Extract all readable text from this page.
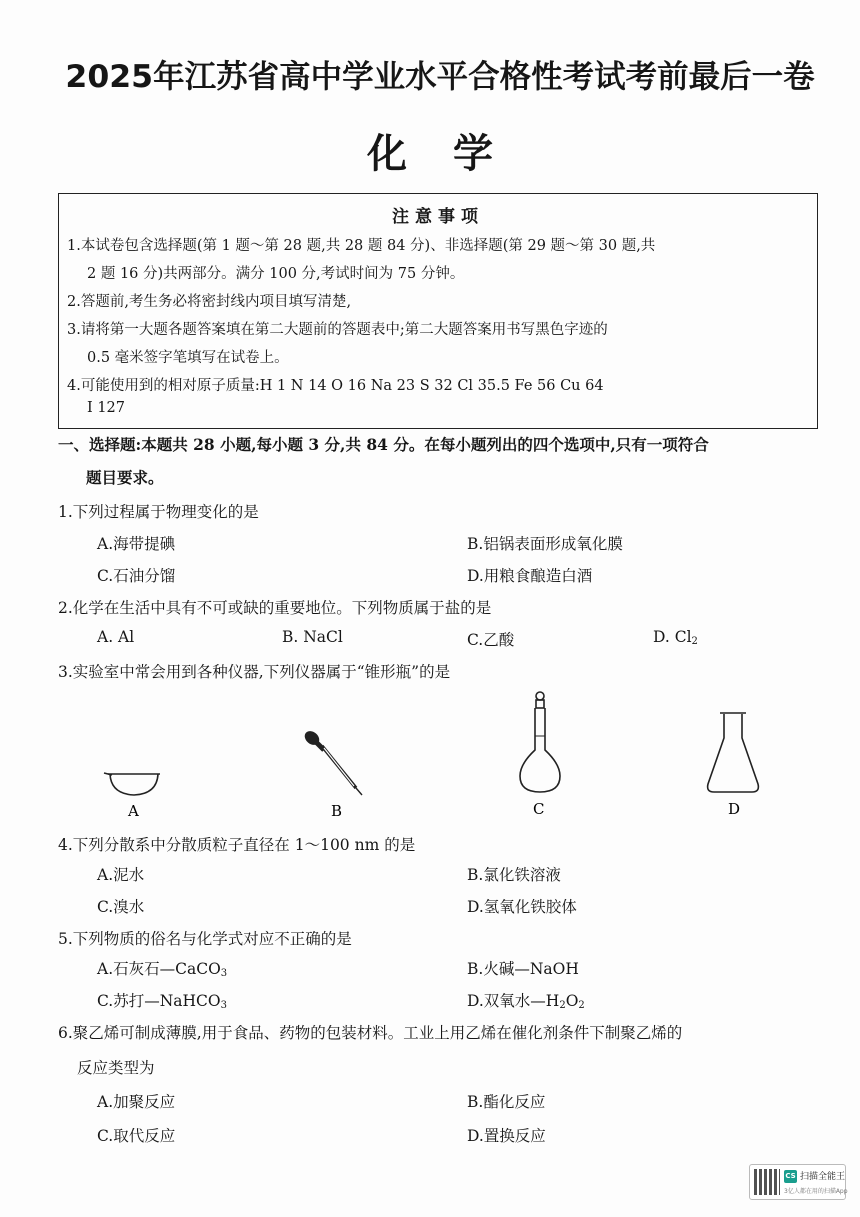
2025年江苏省高中学业水平合格性考试考前最后一卷
化 学
注意事项
1.本试卷包含选择题(第 1 题～第 28 题,共 28 题 84 分)、非选择题(第 29 题～第 30 题,共
2 题 16 分)共两部分。满分 100 分,考试时间为 75 分钟。
2.答题前,考生务必将密封线内项目填写清楚,
3.请将第一大题各题答案填在第二大题前的答题表中;第二大题答案用书写黑色字迹的
0.5 毫米签字笔填写在试卷上。
4.可能使用到的相对原子质量:H 1 N 14 O 16 Na 23 S 32 Cl 35.5 Fe 56 Cu 64
I 127
一、选择题:本题共 28 小题,每小题 3 分,共 84 分。在每小题列出的四个选项中,只有一项符合
题目要求。
1.下列过程属于物理变化的是
A.海带提碘	B.铝锅表面形成氧化膜
C.石油分馏	D.用粮食酿造白酒
2.化学在生活中具有不可或缺的重要地位。下列物质属于盐的是
A. Al	B. NaCl	C.乙酸	D. $Cl_2$
3.实验室中常会用到各种仪器,下列仪器属于“锥形瓶”的是
A	B	C	D
4.下列分散系中分散质粒子直径在 1～100 nm 的是
A.泥水	B.氯化铁溶液
C.溴水	D.氢氧化铁胶体
5.下列物质的俗名与化学式对应不正确的是
A.石灰石—CaCO$_3$	B.火碱—NaOH
C.苏打—NaHCO$_3$	D.双氧水$—H_2O_2$
6.聚乙烯可制成薄膜,用于食品、药物的包装材料。工业上用乙烯在催化剂条件下制聚乙烯的
反应类型为
A.加聚反应	B.酯化反应
C.取代反应	D.置换反应
CS 扫描全能王
3亿人都在用的扫描App
